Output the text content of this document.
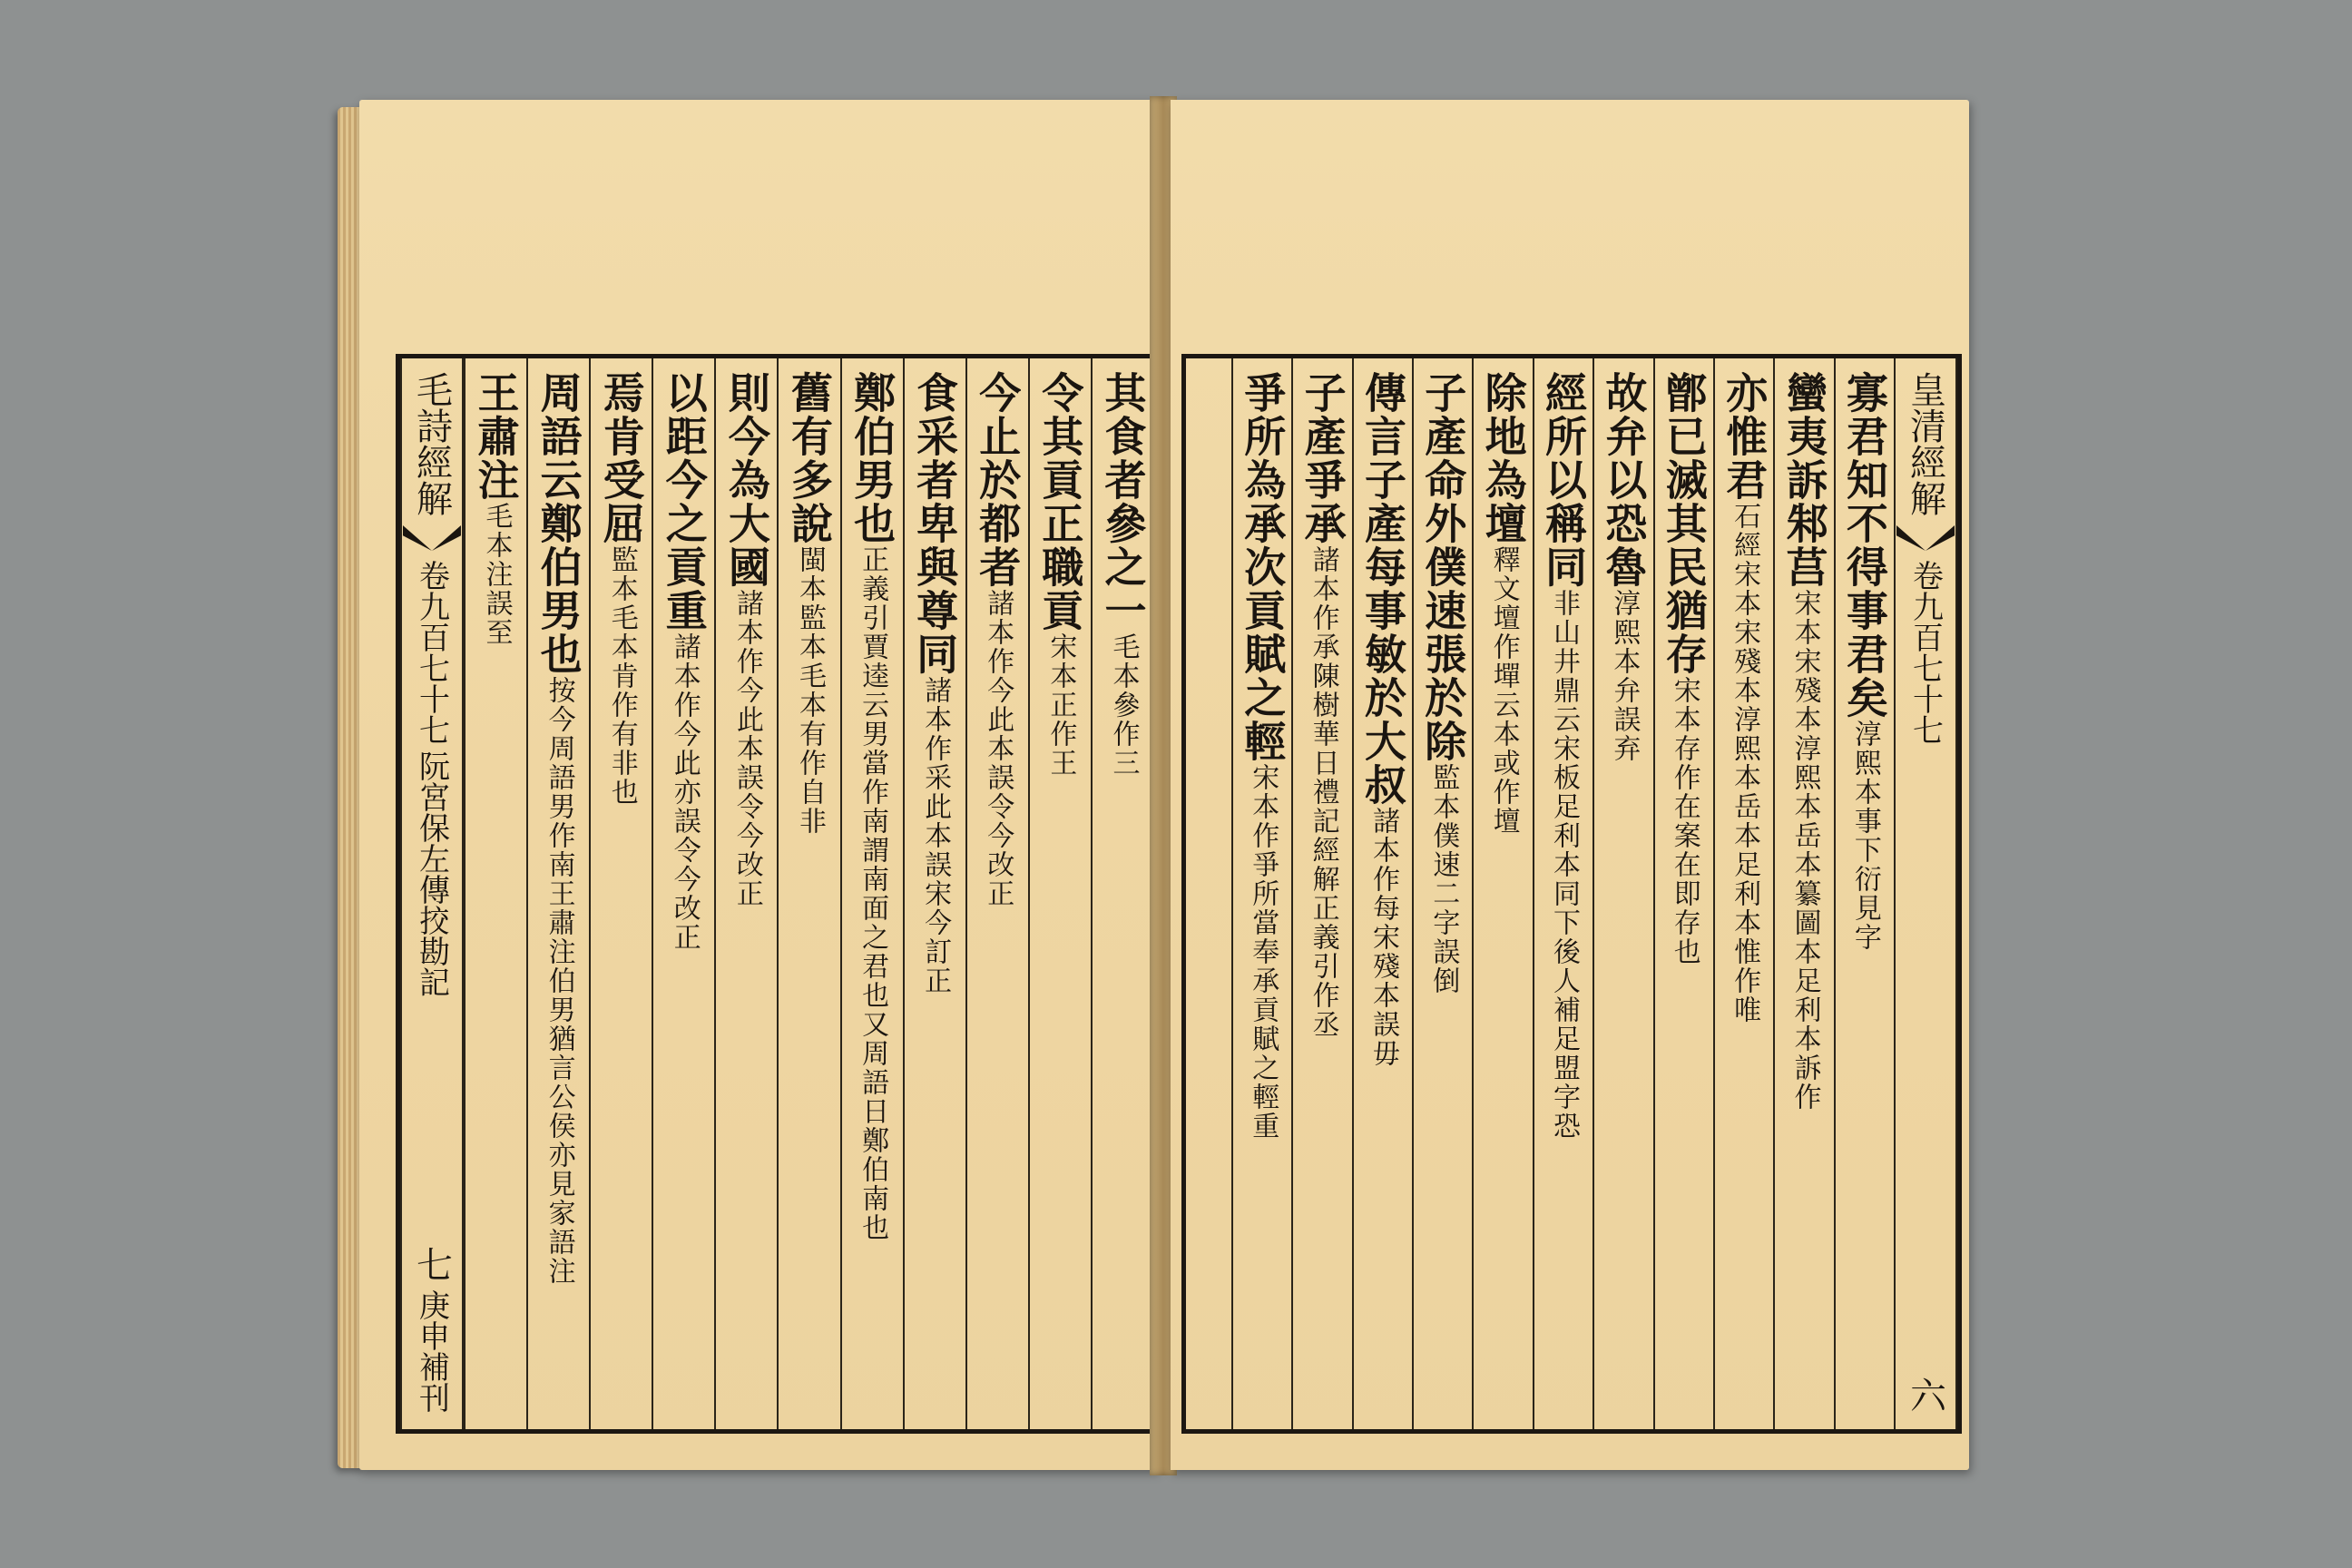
其食者參之一毛本參作三
令其貢正職貢宋本正作王
今止於都者諸本作今此本誤令今改正
食采者卑與尊同諸本作采此本誤宋今訂正
鄭伯男也正義引賈逵云男當作南謂南面之君也又周語日鄭伯南也
舊有多說閩本監本毛本有作自非
則今為大國諸本作今此本誤令今改正
以距今之貢重諸本作今此亦誤令今改正
焉肯受屈監本毛本肯作有非也
周語云鄭伯男也按今周語男作南王肅注伯男猶言公侯亦見家語注
王肅注毛本注誤至
毛詩經解
卷九百七十七
阮宮保左傳挍勘記
七
庚申補刊
皇清經解
卷九百七十七
六
寡君知不得事君矣淳熙本事下衍見字
蠻夷訴邾莒宋本宋殘本淳熙本岳本纂圖本足利本訴作
亦惟君石經宋本宋殘本淳熙本岳本足利本惟作唯
鄫已滅其民猶存宋本存作在案在即存也
故弁以恐魯淳熙本弁誤弃
經所以稱同非山井鼎云宋板足利本同下後人補足盟字恐
除地為壇釋文壇作墠云本或作壇
子產命外僕速張於除監本僕速二字誤倒
傳言子產每事敏於大叔諸本作每宋殘本誤毋
子產爭承諸本作承陳樹華日禮記經解正義引作丞
爭所為承次貢賦之輕宋本作爭所當奉承貢賦之輕重
